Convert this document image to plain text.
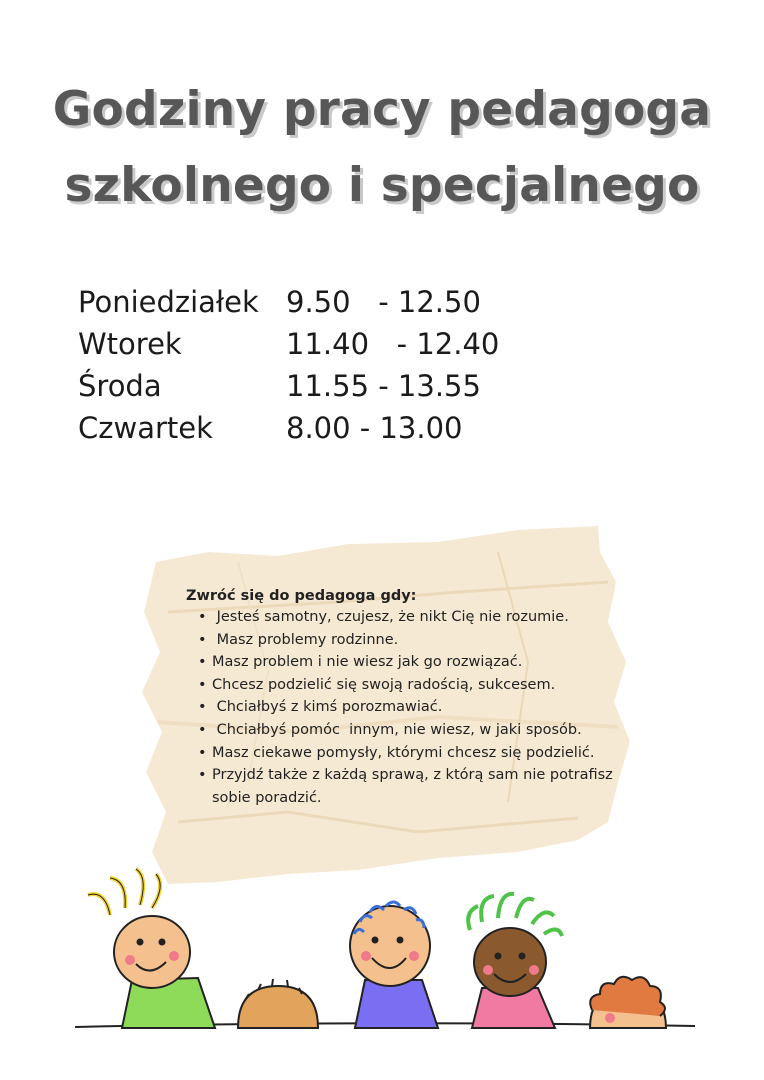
Godziny pracy pedagoga
szkolnego i specjalnego
Poniedziałek 9.50   - 12.50
Wtorek	11.40   - 12.40
Środa	11.55 - 13.55
Czwartek	8.00 - 13.00
Zwróć się do pedagoga gdy:
•  Jesteś samotny, czujesz, że nikt Cię nie rozumie.
•  Masz problemy rodzinne.
• Masz problem i nie wiesz jak go rozwiązać.
• Chcesz podzielić się swoją radością, sukcesem.
•  Chciałbyś z kimś porozmawiać.
•  Chciałbyś pomóc  innym, nie wiesz, w jaki sposób.
• Masz ciekawe pomysły, którymi chcesz się podzielić.
• Przyjdź także z każdą sprawą, z którą sam nie potrafisz sobie poradzić.
